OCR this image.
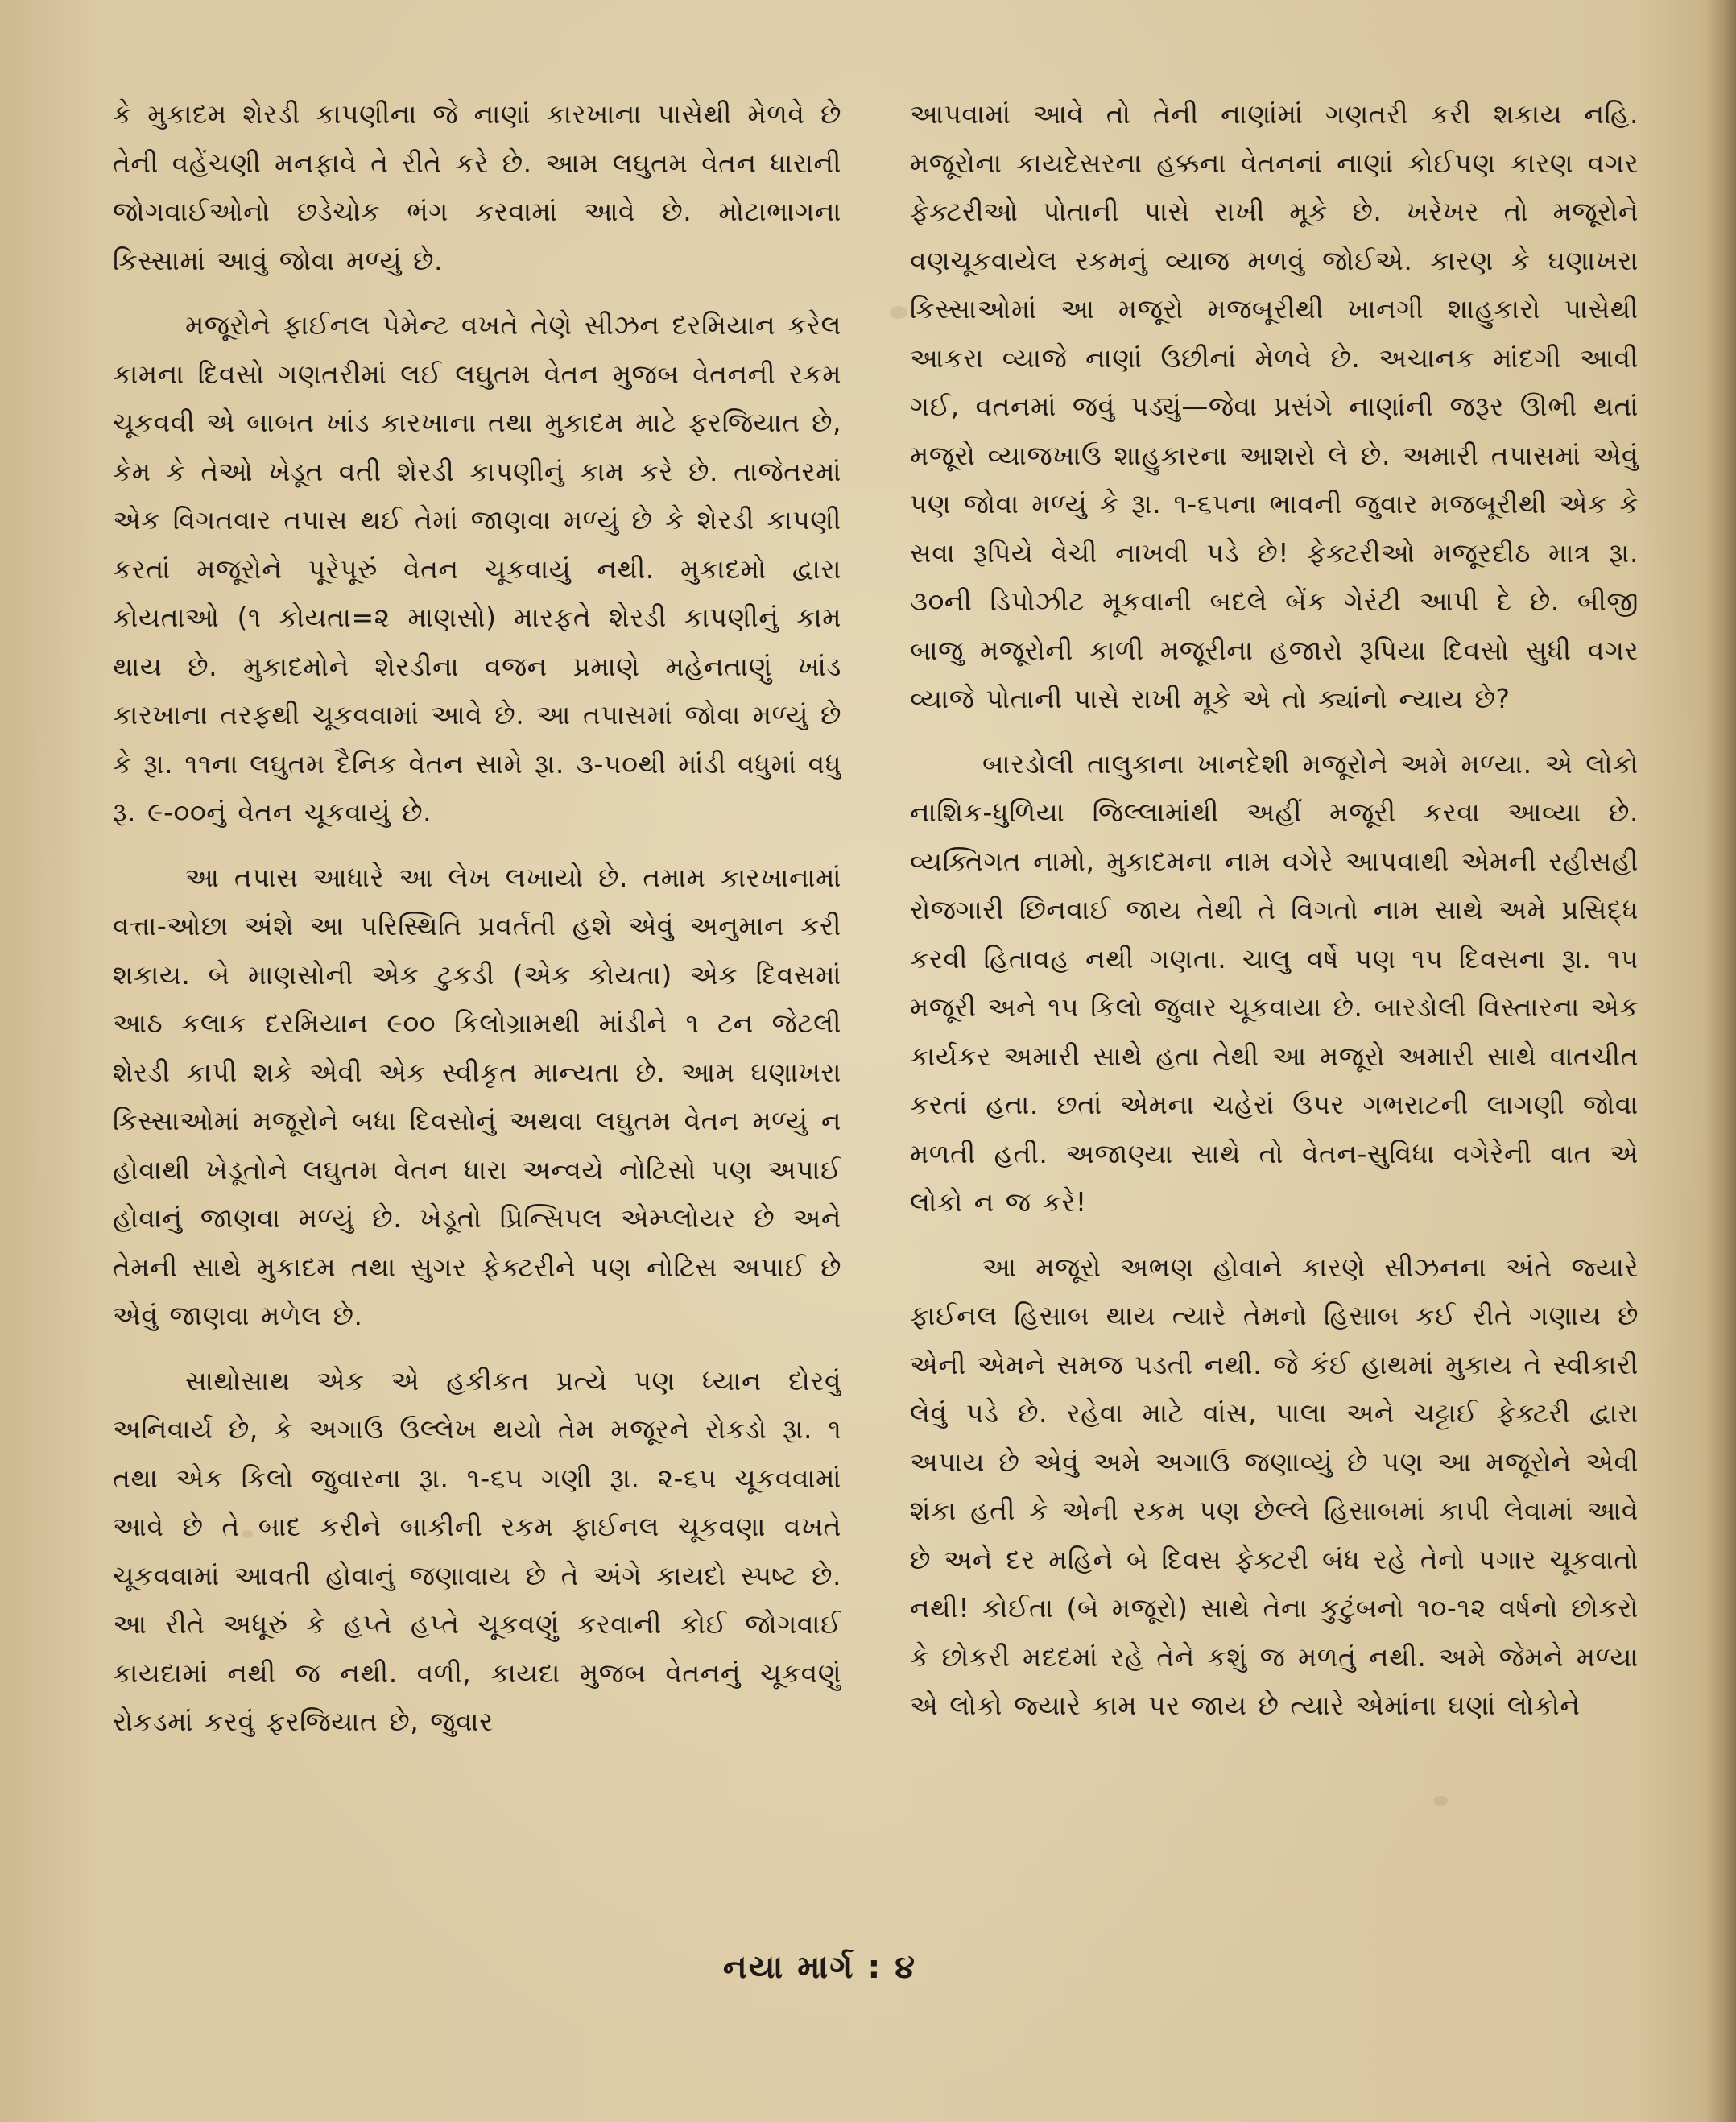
કે મુકાદમ શેરડી કાપણીના જે નાણાં કારખાના પાસેથી મેળવે છે તેની વહેંચણી મનફાવે તે રીતે કરે છે. આમ લઘુતમ વેતન ધારાની જોગવાઈઓનો છડેચોક ભંગ કરવામાં આવે છે. મોટાભાગના કિસ્સામાં આવું જોવા મળ્યું છે.

મજૂરોને ફાઈનલ પેમેન્ટ વખતે તેણે સીઝન દરમિયાન કરેલ કામના દિવસો ગણતરીમાં લઈ લઘુતમ વેતન મુજબ વેતનની રકમ ચૂકવવી એ બાબત ખાંડ કારખાના તથા મુકાદમ માટે ફરજિયાત છે, કેમ કે તેઓ ખેડૂત વતી શેરડી કાપણીનું કામ કરે છે. તાજેતરમાં એક વિગતવાર તપાસ થઈ તેમાં જાણવા મળ્યું છે કે શેરડી કાપણી કરતાં મજૂરોને પૂરેપૂરું વેતન ચૂકવાયું નથી. મુકાદમો દ્વારા કોયતાઓ (૧ કોયતા=૨ માણસો) મારફતે શેરડી કાપણીનું કામ થાય છે. મુકાદમોને શેરડીના વજન પ્રમાણે મહેનતાણું ખાંડ કારખાના તરફથી ચૂકવવામાં આવે છે. આ તપાસમાં જોવા મળ્યું છે કે રૂા. ૧૧ના લઘુતમ દૈનિક વેતન સામે રૂા. ૩-૫૦થી માંડી વધુમાં વધુ રૂ. ૯-૦૦નું વેતન ચૂકવાયું છે.

આ તપાસ આધારે આ લેખ લખાયો છે. તમામ કારખાનામાં વત્તા-ઓછા અંશે આ પરિસ્થિતિ પ્રવર્તતી હશે એવું અનુમાન કરી શકાય. બે માણસોની એક ટુકડી (એક કોયતા) એક દિવસમાં આઠ કલાક દરમિયાન ૯૦૦ કિલોગ્રામથી માંડીને ૧ ટન જેટલી શેરડી કાપી શકે એવી એક સ્વીકૃત માન્યતા છે. આમ ઘણાખરા કિસ્સાઓમાં મજૂરોને બધા દિવસોનું અથવા લઘુતમ વેતન મળ્યું ન હોવાથી ખેડૂતોને લઘુતમ વેતન ધારા અન્વયે નોટિસો પણ અપાઈ હોવાનું જાણવા મળ્યું છે. ખેડૂતો પ્રિન્સિપલ એમ્પ્લોયર છે અને તેમની સાથે મુકાદમ તથા સુગર ફેક્ટરીને પણ નોટિસ અપાઈ છે એવું જાણવા મળેલ છે.

સાથોસાથ એક એ હકીકત પ્રત્યે પણ ધ્યાન દોરવું અનિવાર્ય છે, કે અગાઉ ઉલ્લેખ થયો તેમ મજૂરને રોકડો રૂા. ૧ તથા એક કિલો જુવારના રૂા. ૧-૬૫ ગણી રૂા. ૨-૬૫ ચૂકવવામાં આવે છે તે બાદ કરીને બાકીની રકમ ફાઈનલ ચૂકવણા વખતે ચૂકવવામાં આવતી હોવાનું જણાવાય છે તે અંગે કાયદો સ્પષ્ટ છે. આ રીતે અધૂરું કે હપ્તે હપ્તે ચૂકવણું કરવાની કોઈ જોગવાઈ કાયદામાં નથી જ નથી. વળી, કાયદા મુજબ વેતનનું ચૂકવણું રોકડમાં કરવું ફરજિયાત છે, જુવાર

આપવામાં આવે તો તેની નાણાંમાં ગણતરી કરી શકાય નહિ. મજૂરોના કાયદેસરના હક્કના વેતનનાં નાણાં કોઈપણ કારણ વગર ફેક્ટરીઓ પોતાની પાસે રાખી મૂકે છે. ખરેખર તો મજૂરોને વણચૂકવાયેલ રકમનું વ્યાજ મળવું જોઈએ. કારણ કે ઘણાખરા કિસ્સાઓમાં આ મજૂરો મજબૂરીથી ખાનગી શાહુકારો પાસેથી આકરા વ્યાજે નાણાં ઉછીનાં મેળવે છે. અચાનક માંદગી આવી ગઈ, વતનમાં જવું પડ્યું—જેવા પ્રસંગે નાણાંની જરૂર ઊભી થતાં મજૂરો વ્યાજખાઉ શાહુકારના આશરો લે છે. અમારી તપાસમાં એવું પણ જોવા મળ્યું કે રૂા. ૧-૬૫ના ભાવની જુવાર મજબૂરીથી એક કે સવા રૂપિયે વેચી નાખવી પડે છે! ફેક્ટરીઓ મજૂરદીઠ માત્ર રૂા. ૩૦ની ડિપોઝીટ મૂકવાની બદલે બેંક ગેરંટી આપી દે છે. બીજી બાજુ મજૂરોની કાળી મજૂરીના હજારો રૂપિયા દિવસો સુધી વગર વ્યાજે પોતાની પાસે રાખી મૂકે એ તો ક્યાંનો ન્યાય છે?

બારડોલી તાલુકાના ખાનદેશી મજૂરોને અમે મળ્યા. એ લોકો નાશિક-ધુળિયા જિલ્લામાંથી અહીં મજૂરી કરવા આવ્યા છે. વ્યક્તિગત નામો, મુકાદમના નામ વગેરે આપવાથી એમની રહીસહી રોજગારી છિનવાઈ જાય તેથી તે વિગતો નામ સાથે અમે પ્રસિદ્ધ કરવી હિતાવહ નથી ગણતા. ચાલુ વર્ષે પણ ૧૫ દિવસના રૂા. ૧૫ મજૂરી અને ૧૫ કિલો જુવાર ચૂકવાયા છે. બારડોલી વિસ્તારના એક કાર્યકર અમારી સાથે હતા તેથી આ મજૂરો અમારી સાથે વાતચીત કરતાં હતા. છતાં એમના ચહેરાં ઉપર ગભરાટની લાગણી જોવા મળતી હતી. અજાણ્યા સાથે તો વેતન-સુવિધા વગેરેની વાત એ લોકો ન જ કરે!

આ મજૂરો અભણ હોવાને કારણે સીઝનના અંતે જ્યારે ફાઈનલ હિસાબ થાય ત્યારે તેમનો હિસાબ કઈ રીતે ગણાય છે એની એમને સમજ પડતી નથી. જે કંઈ હાથમાં મુકાય તે સ્વીકારી લેવું પડે છે. રહેવા માટે વાંસ, પાલા અને ચટ્ટાઈ ફેક્ટરી દ્વારા અપાય છે એવું અમે અગાઉ જણાવ્યું છે પણ આ મજૂરોને એવી શંકા હતી કે એની રકમ પણ છેલ્લે હિસાબમાં કાપી લેવામાં આવે છે અને દર મહિને બે દિવસ ફેક્ટરી બંધ રહે તેનો પગાર ચૂકવાતો નથી! કોઈતા (બે મજૂરો) સાથે તેના કુટુંબનો ૧૦-૧૨ વર્ષનો છોકરો કે છોકરી મદદમાં રહે તેને કશું જ મળતું નથી. અમે જેમને મળ્યા એ લોકો જ્યારે કામ પર જાય છે ત્યારે એમાંના ઘણાં લોકોને

નયા માર્ગ : ૪
